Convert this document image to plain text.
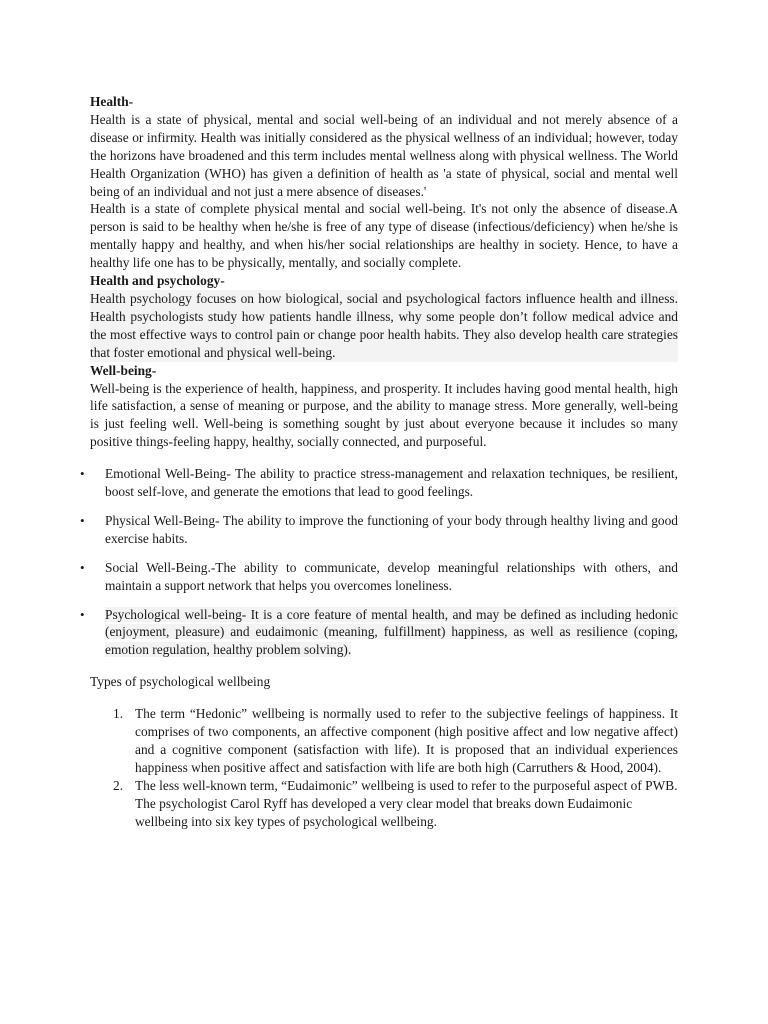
Health-

Health is a state of physical, mental and social well-being of an individual and not merely absence of a disease or infirmity. Health was initially considered as the physical wellness of an individual; however, today the horizons have broadened and this term includes mental wellness along with physical wellness. The World Health Organization (WHO) has given a definition of health as 'a state of physical, social and mental well being of an individual and not just a mere absence of diseases.'

Health is a state of complete physical mental and social well-being. It's not only the absence of disease.A person is said to be healthy when he/she is free of any type of disease (infectious/deficiency) when he/she is mentally happy and healthy, and when his/her social relationships are healthy in society. Hence, to have a healthy life one has to be physically, mentally, and socially complete.

Health and psychology-

Health psychology focuses on how biological, social and psychological factors influence health and illness. Health psychologists study how patients handle illness, why some people don’t follow medical advice and the most effective ways to control pain or change poor health habits. They also develop health care strategies that foster emotional and physical well-being.

Well-being-

Well-being is the experience of health, happiness, and prosperity. It includes having good mental health, high life satisfaction, a sense of meaning or purpose, and the ability to manage stress. More generally, well-being is just feeling well. Well-being is something sought by just about everyone because it includes so many positive things-feeling happy, healthy, socially connected, and purposeful.

• Emotional Well-Being- The ability to practice stress-management and relaxation techniques, be resilient, boost self-love, and generate the emotions that lead to good feelings.
• Physical Well-Being- The ability to improve the functioning of your body through healthy living and good exercise habits.
• Social Well-Being.-The ability to communicate, develop meaningful relationships with others, and maintain a support network that helps you overcomes loneliness.
• Psychological well-being- It is a core feature of mental health, and may be defined as including hedonic (enjoyment, pleasure) and eudaimonic (meaning, fulfillment) happiness, as well as resilience (coping, emotion regulation, healthy problem solving).

Types of psychological wellbeing

1. The term “Hedonic” wellbeing is normally used to refer to the subjective feelings of happiness. It comprises of two components, an affective component (high positive affect and low negative affect) and a cognitive component (satisfaction with life). It is proposed that an individual experiences happiness when positive affect and satisfaction with life are both high (Carruthers & Hood, 2004).
2. The less well-known term, “Eudaimonic” wellbeing is used to refer to the purposeful aspect of PWB. The psychologist Carol Ryff has developed a very clear model that breaks down Eudaimonic wellbeing into six key types of psychological wellbeing.
